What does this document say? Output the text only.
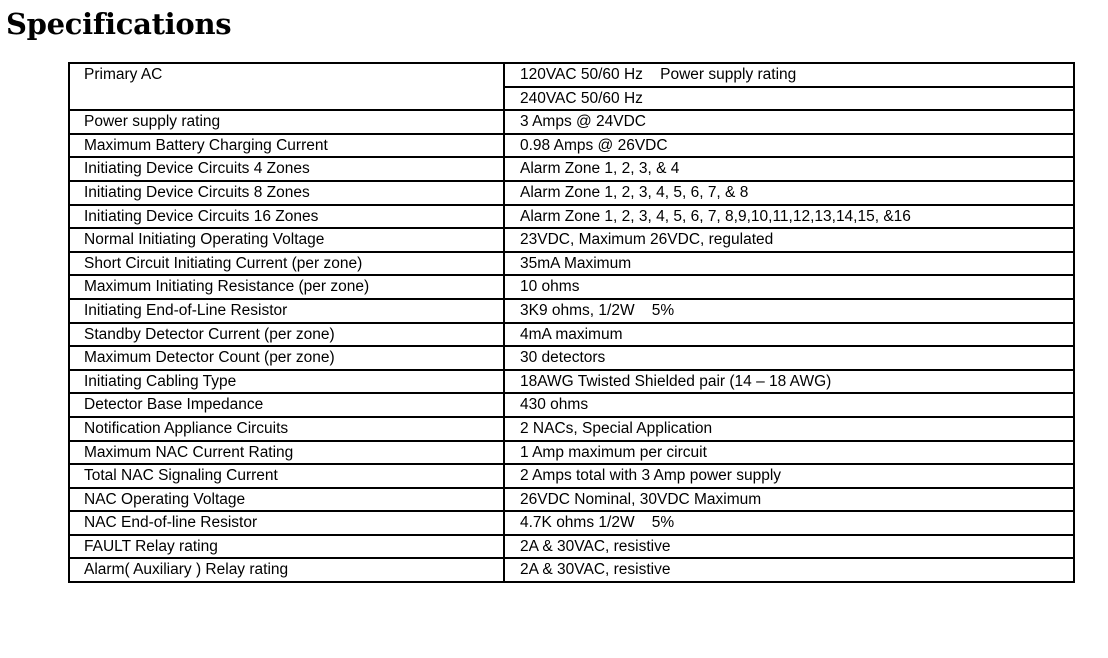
Specifications
Primary AC	120VAC 50/60 Hz    Power supply rating
	240VAC 50/60 Hz
Power supply rating	3 Amps @ 24VDC
Maximum Battery Charging Current	0.98 Amps @ 26VDC
Initiating Device Circuits 4 Zones	Alarm Zone 1, 2, 3, & 4
Initiating Device Circuits 8 Zones	Alarm Zone 1, 2, 3, 4, 5, 6, 7, & 8
Initiating Device Circuits 16 Zones	Alarm Zone 1, 2, 3, 4, 5, 6, 7, 8,9,10,11,12,13,14,15, &16
Normal Initiating Operating Voltage	23VDC, Maximum 26VDC, regulated
Short Circuit Initiating Current (per zone)	35mA Maximum
Maximum Initiating Resistance (per zone)	10 ohms
Initiating End-of-Line Resistor	3K9 ohms, 1/2W    5%
Standby Detector Current (per zone)	4mA maximum
Maximum Detector Count (per zone)	30 detectors
Initiating Cabling Type	18AWG Twisted Shielded pair (14 – 18 AWG)
Detector Base Impedance	430 ohms
Notification Appliance Circuits	2 NACs, Special Application
Maximum NAC Current Rating	1 Amp maximum per circuit
Total NAC Signaling Current	2 Amps total with 3 Amp power supply
NAC Operating Voltage	26VDC Nominal, 30VDC Maximum
NAC End-of-line Resistor	4.7K ohms 1/2W    5%
FAULT Relay rating	2A & 30VAC, resistive
Alarm( Auxiliary ) Relay rating	2A & 30VAC, resistive
